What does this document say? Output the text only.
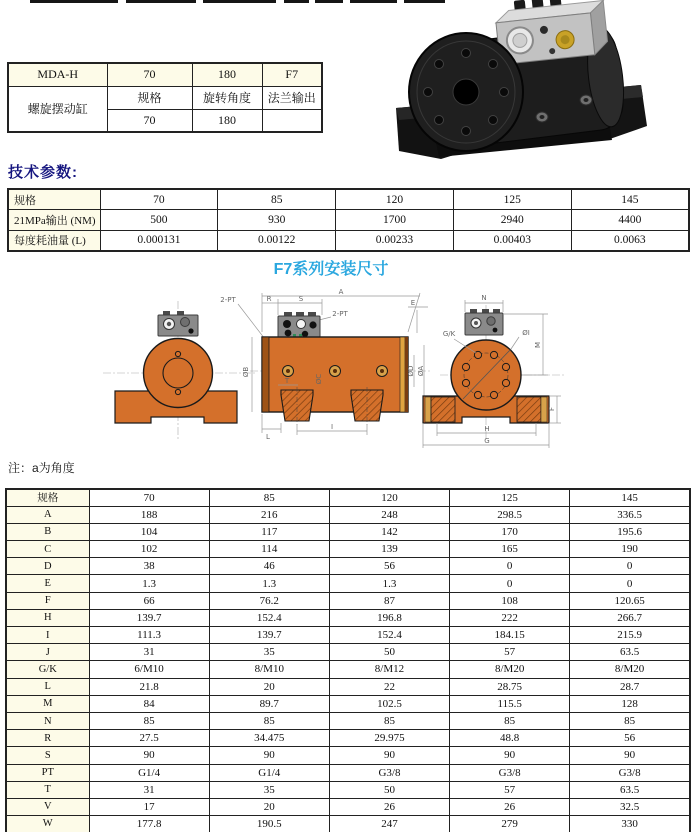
MDA-H	70	180	F7
螺旋摆动缸	规格	旋转角度	法兰输出
	70	180	
技术参数:
规格	70	85	120	125	145
21MPa输出 (NM)	500	930	1700	2940	4400
每度耗油量 (L)	0.000131	0.00122	0.00233	0.00403	0.0063
F7系列安装尺寸
A
R	S
2-PT
2-PT
E
ØB
ØC
ØD ØA
T
L
I
N
M
ØI
G/K
F
H
G
注：a为角度
规格	70	85	120	125	145
A	188	216	248	298.5	336.5
B	104	117	142	170	195.6
C	102	114	139	165	190
D	38	46	56	0	0
E	1.3	1.3	1.3	0	0
F	66	76.2	87	108	120.65
H	139.7	152.4	196.8	222	266.7
I	111.3	139.7	152.4	184.15	215.9
J	31	35	50	57	63.5
G/K	6/M10	8/M10	8/M12	8/M20	8/M20
L	21.8	20	22	28.75	28.7
M	84	89.7	102.5	115.5	128
N	85	85	85	85	85
R	27.5	34.475	29.975	48.8	56
S	90	90	90	90	90
PT	G1/4	G1/4	G3/8	G3/8	G3/8
T	31	35	50	57	63.5
V	17	20	26	26	32.5
W	177.8	190.5	247	279	330
